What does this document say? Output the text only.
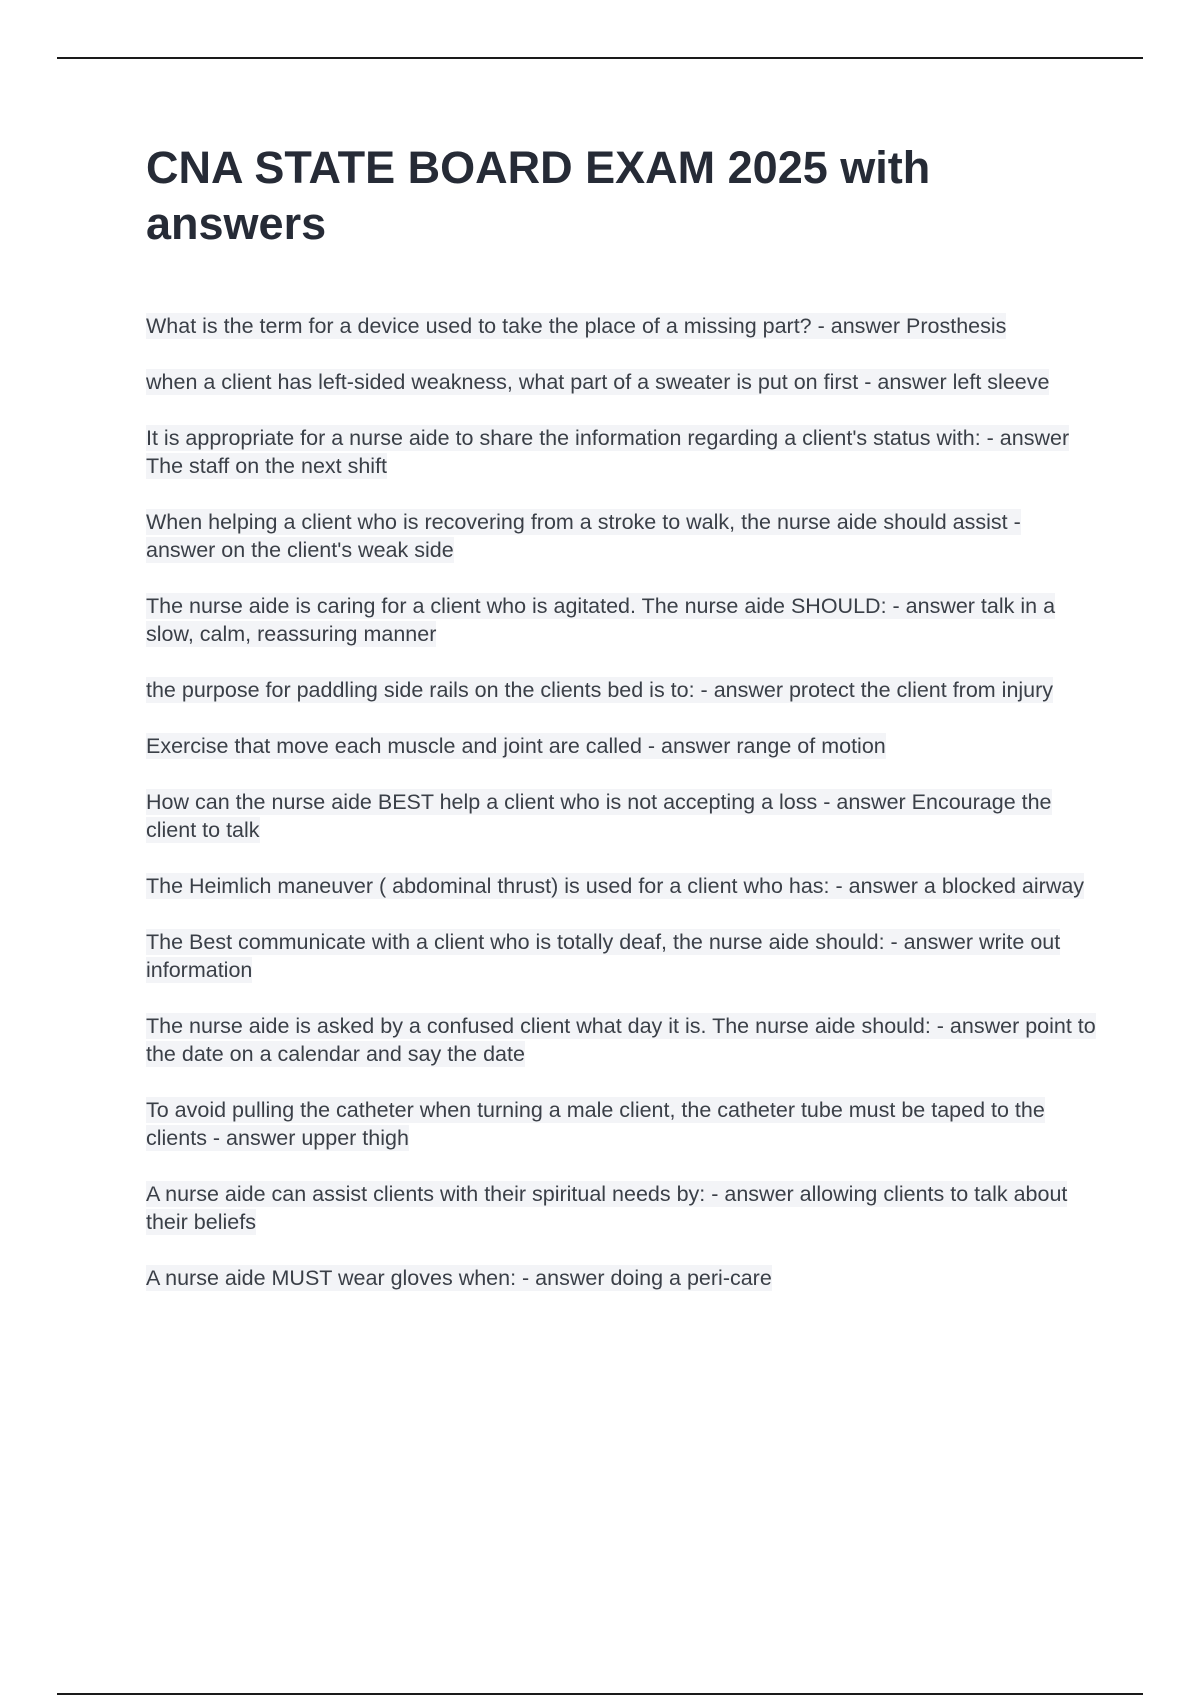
CNA STATE BOARD EXAM 2025 with answers

What is the term for a device used to take the place of a missing part? - answer Prosthesis

when a client has left-sided weakness, what part of a sweater is put on first - answer left sleeve

It is appropriate for a nurse aide to share the information regarding a client's status with: - answer The staff on the next shift

When helping a client who is recovering from a stroke to walk, the nurse aide should assist - answer on the client's weak side

The nurse aide is caring for a client who is agitated. The nurse aide SHOULD: - answer talk in a slow, calm, reassuring manner

the purpose for paddling side rails on the clients bed is to: - answer protect the client from injury

Exercise that move each muscle and joint are called - answer range of motion

How can the nurse aide BEST help a client who is not accepting a loss - answer Encourage the client to talk

The Heimlich maneuver ( abdominal thrust) is used for a client who has: - answer a blocked airway

The Best communicate with a client who is totally deaf, the nurse aide should: - answer write out information

The nurse aide is asked by a confused client what day it is. The nurse aide should: - answer point to the date on a calendar and say the date

To avoid pulling the catheter when turning a male client, the catheter tube must be taped to the clients - answer upper thigh

A nurse aide can assist clients with their spiritual needs by: - answer allowing clients to talk about their beliefs

A nurse aide MUST wear gloves when: - answer doing a peri-care
